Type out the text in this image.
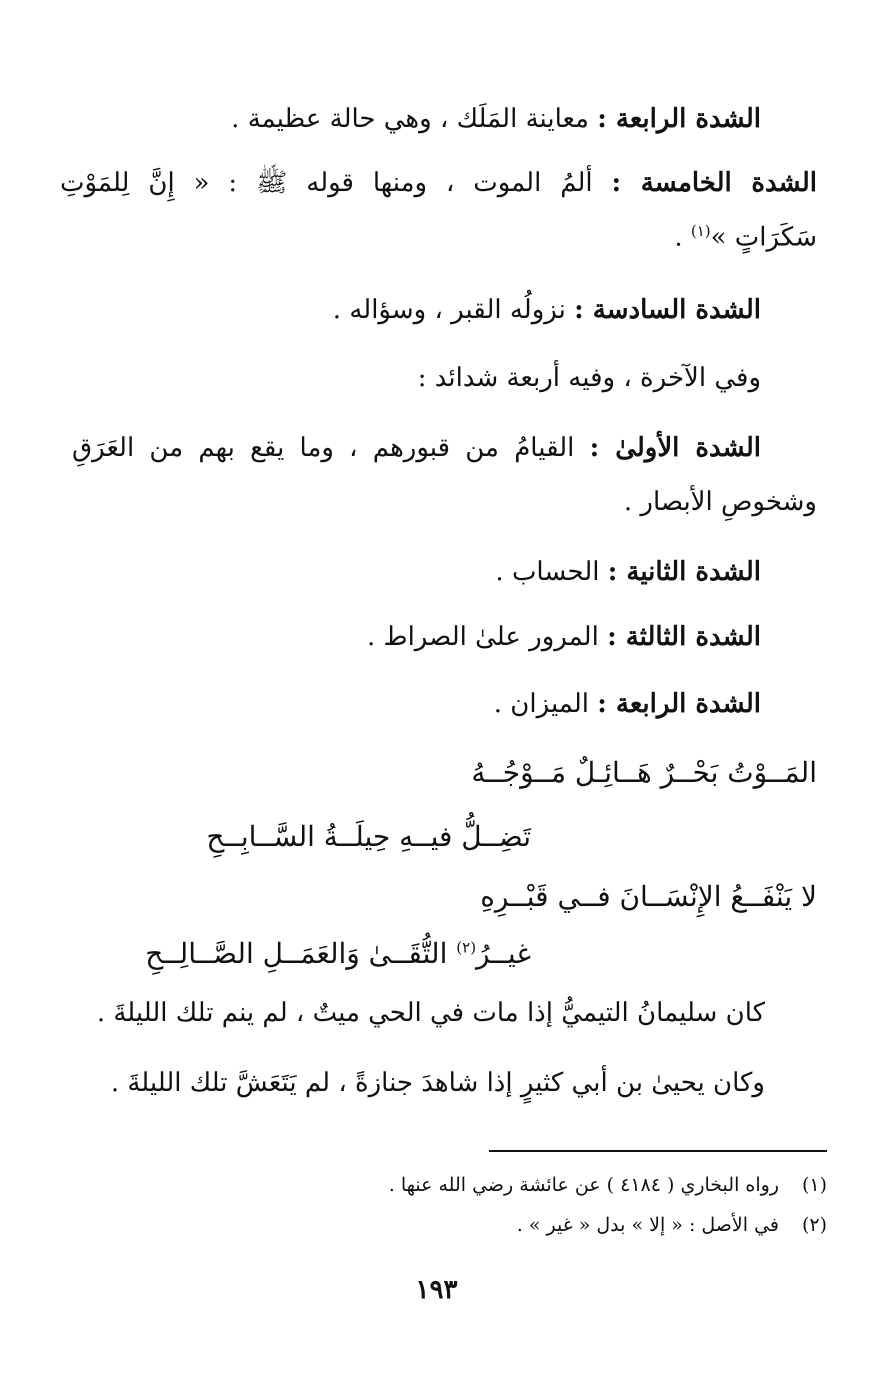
الشدة الرابعة : معاينة المَلَك ، وهي حالة عظيمة .
الشدة الخامسة : ألمُ الموت ، ومنها قوله ﷺ : « إِنَّ لِلمَوْتِ
سَكَرَاتٍ »$^{(١)}$ .
الشدة السادسة : نزولُه القبر ، وسؤاله .
وفي الآخرة ، وفيه أربعة شدائد :
الشدة الأولىٰ : القيامُ من قبورهم ، وما يقع بهم من العَرَقِ
وشخوصِ الأبصار .
الشدة الثانية : الحساب .
الشدة الثالثة : المرور علىٰ الصراط .
الشدة الرابعة : الميزان .
المَــوْتُ بَحْــرٌ هَــائِـلٌ مَــوْجُــهُ
تَضِــلُّ فيــهِ حِيلَــةُ السَّــابِــحِ
لا يَنْفَــعُ الإِنْسَــانَ فــي قَبْــرِهِ
غيــرُ$^{(٢)}$ التُّقَــىٰ وَالعَمَــلِ الصَّــالِــحِ
كان سليمانُ التيميُّ إذا مات في الحي ميتٌ ، لم ينم تلك الليلةَ .
وكان يحيىٰ بن أبي كثيرٍ إذا شاهدَ جنازةً ، لم يَتَعَشَّ تلك الليلةَ .
(١)رواه البخاري ( ٤١٨٤ ) عن عائشة رضي الله عنها .
(٢)في الأصل : « إلا » بدل « غير » .
١٩٣
